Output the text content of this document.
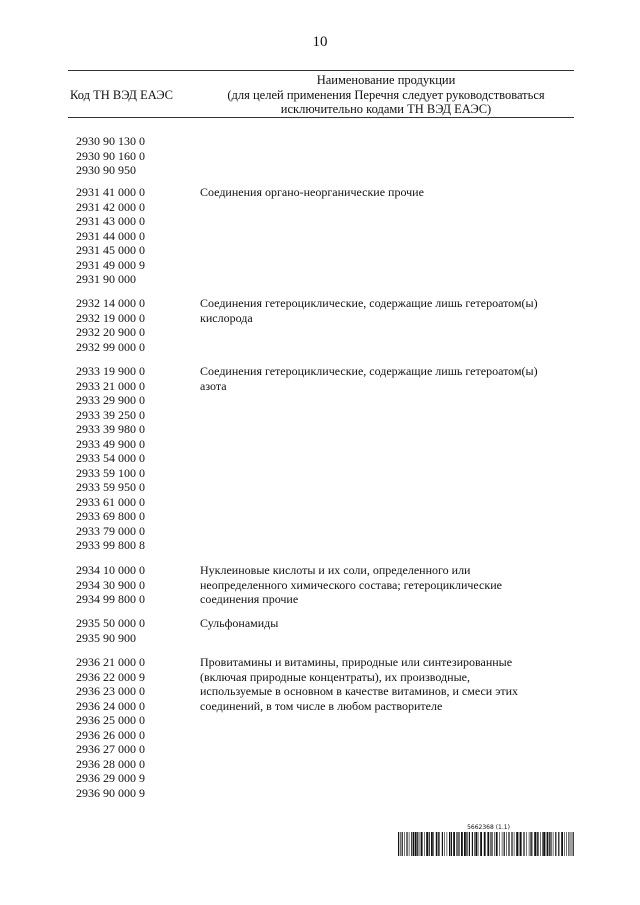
10
Код ТН ВЭД ЕАЭС
Наименование продукции
(для целей применения Перечня следует руководствоваться
исключительно кодами ТН ВЭД ЕАЭС)
2930 90 130 0
2930 90 160 0
2930 90 950
2931 41 000 0
2931 42 000 0
2931 43 000 0
2931 44 000 0
2931 45 000 0
2931 49 000 9
2931 90 000
Соединения органо-неорганические прочие
2932 14 000 0
2932 19 000 0
2932 20 900 0
2932 99 000 0
Соединения гетероциклические, содержащие лишь гетероатом(ы)
кислорода
2933 19 900 0
2933 21 000 0
2933 29 900 0
2933 39 250 0
2933 39 980 0
2933 49 900 0
2933 54 000 0
2933 59 100 0
2933 59 950 0
2933 61 000 0
2933 69 800 0
2933 79 000 0
2933 99 800 8
Соединения гетероциклические, содержащие лишь гетероатом(ы)
азота
2934 10 000 0
2934 30 900 0
2934 99 800 0
Нуклеиновые кислоты и их соли, определенного или
неопределенного химического состава; гетероциклические
соединения прочие
2935 50 000 0
2935 90 900
Сульфонамиды
2936 21 000 0
2936 22 000 9
2936 23 000 0
2936 24 000 0
2936 25 000 0
2936 26 000 0
2936 27 000 0
2936 28 000 0
2936 29 000 9
2936 90 000 9
Провитамины и витамины, природные или синтезированные
(включая природные концентраты), их производные,
используемые в основном в качестве витаминов, и смеси этих
соединений, в том числе в любом растворителе
5662368 (1.1)
